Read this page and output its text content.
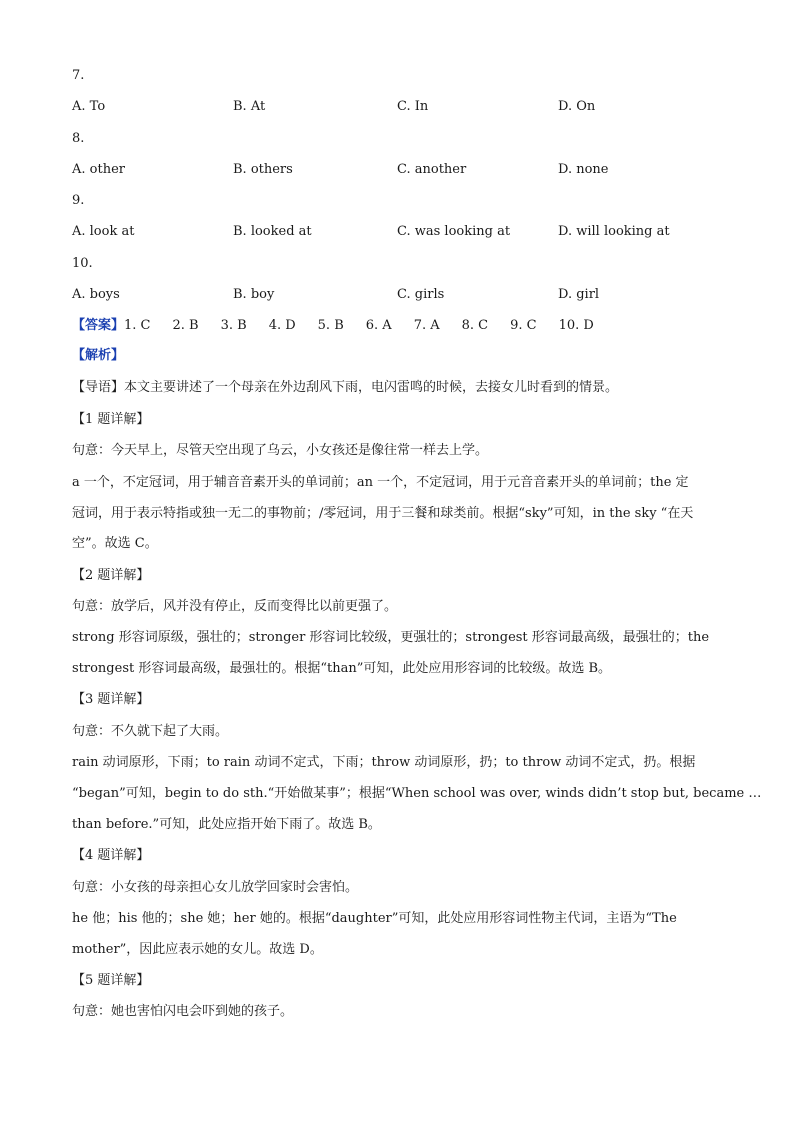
7.
A. To	B. At	C. In	D. On
8.
A. other	B. others	C. another	D. none
9.
A. look at	B. looked at	C. was looking at	D. will looking at
10.
A. boys	B. boy	C. girls	D. girl
【答案】1. C 2. B 3. B 4. D 5. B 6. A 7. A 8. C 9. C 10. D
【解析】
【导语】本文主要讲述了一个母亲在外边刮风下雨，电闪雷鸣的时候，去接女儿时看到的情景。
【1 题详解】
句意：今天早上，尽管天空出现了乌云，小女孩还是像往常一样去上学。
a 一个，不定冠词，用于辅音音素开头的单词前；an 一个，不定冠词，用于元音音素开头的单词前；the 定
冠词，用于表示特指或独一无二的事物前；/零冠词，用于三餐和球类前。根据“sky”可知，in the sky “在天
空”。故选 C。
【2 题详解】
句意：放学后，风并没有停止，反而变得比以前更强了。
strong 形容词原级，强壮的；stronger 形容词比较级，更强壮的；strongest 形容词最高级，最强壮的；the
strongest 形容词最高级，最强壮的。根据“than”可知，此处应用形容词的比较级。故选 B。
【3 题详解】
句意：不久就下起了大雨。
rain 动词原形，下雨；to rain 动词不定式，下雨；throw 动词原形，扔；to throw 动词不定式，扔。根据
“began”可知，begin to do sth.“开始做某事”；根据“When school was over, winds didn’t stop but, became …
than before.”可知，此处应指开始下雨了。故选 B。
【4 题详解】
句意：小女孩的母亲担心女儿放学回家时会害怕。
he 他；his 他的；she 她；her 她的。根据“daughter”可知，此处应用形容词性物主代词，主语为“The
mother”，因此应表示她的女儿。故选 D。
【5 题详解】
句意：她也害怕闪电会吓到她的孩子。
